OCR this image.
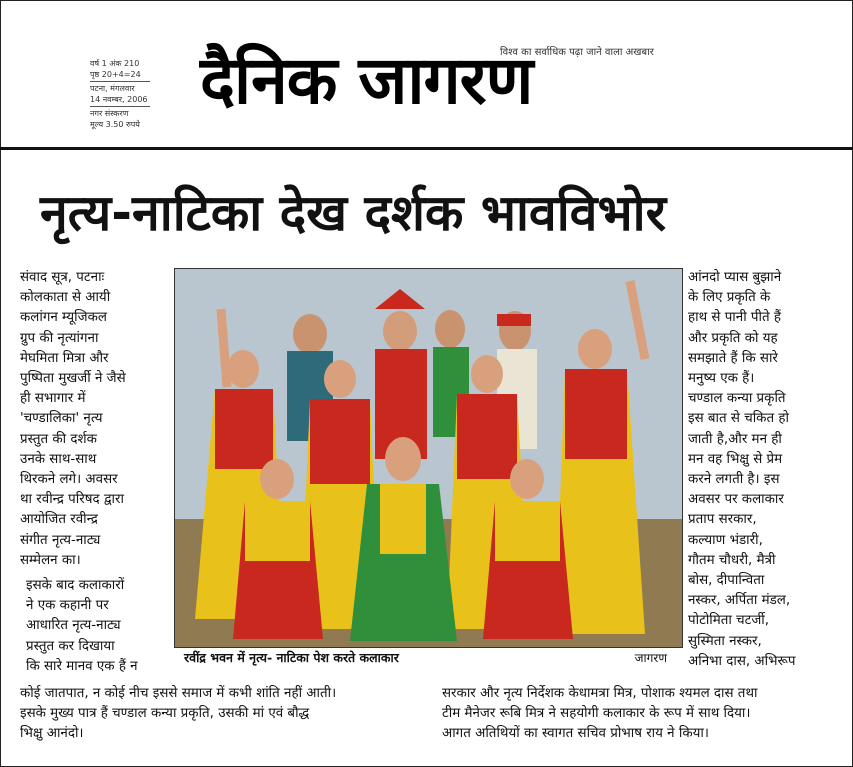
वर्ष 1 अंक 210
पृष्ठ 20+4=24
पटना, मंगलवार
14 नवम्बर, 2006
नगर संस्करण
मूल्य 3.50 रुपये
विश्व का सर्वाधिक पढ़ा जाने वाला अखबार
दैनिक जागरण
नृत्य-नाटिका देख दर्शक भावविभोर

संवाद सूत्र, पटनाः
कोलकाता से आयी
कलांगन म्यूजिकल
ग्रुप की नृत्यांगना
मेघमिता मित्रा और
पुष्पिता मुखर्जी ने जैसे
ही सभागार में
'चण्डालिका' नृत्य
प्रस्तुत की दर्शक
उनके साथ-साथ
थिरकने लगे। अवसर
था रवीन्द्र परिषद द्वारा
आयोजित रवीन्द्र
संगीत नृत्य-नाट्य
सम्मेलन का।

इसके बाद कलाकारों
ने एक कहानी पर
आधारित नृत्य-नाट्य
प्रस्तुत कर दिखाया
कि सारे मानव एक हैं न

रवींद्र भवन में नृत्य- नाटिका पेश करते कलाकार	जागरण

आंनदो प्यास बुझाने
के लिए प्रकृति के
हाथ से पानी पीते हैं
और प्रकृति को यह
समझाते हैं कि सारे
मनुष्य एक हैं।
चण्डाल कन्या प्रकृति
इस बात से चकित हो
जाती है,और मन ही
मन वह भिक्षु से प्रेम
करने लगती है। इस
अवसर पर कलाकार
प्रताप सरकार,
कल्याण भंडारी,
गौतम चौधरी, मैत्री
बोस, दीपान्विता
नस्कर, अर्पिता मंडल,
पोटोमिता चटर्जी,
सुस्मिता नस्कर,
अनिभा दास, अभिरूप

कोई जातपात, न कोई नीच इससे समाज में कभी शांति नहीं आती।
इसके मुख्य पात्र हैं चण्डाल कन्या प्रकृति, उसकी मां एवं बौद्ध
भिक्षु आनंदो।
सरकार और नृत्य निर्देशक केधामत्रा मित्र, पोशाक श्यमल दास तथा
टीम मैनेजर रूबि मित्र ने सहयोगी कलाकार के रूप में साथ दिया।
आगत अतिथियों का स्वागत सचिव प्रोभाष राय ने किया।
